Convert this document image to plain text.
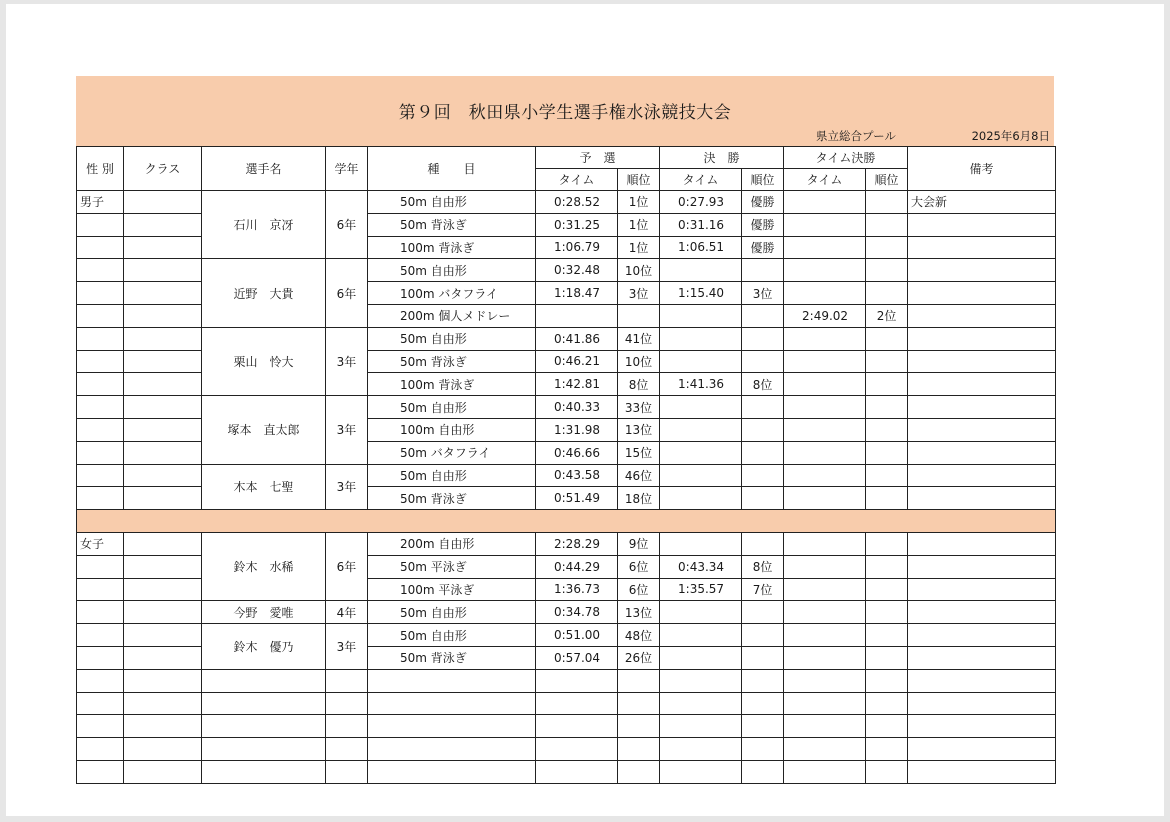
第９回　秋田県小学生選手権水泳競技大会
県立総合プール	2025年6月8日
性 別	クラス	選手名	学年	種　　目	予　選		決　勝		タイム決勝		備考
					タイム	順位	タイム	順位	タイム	順位	
男子		石川　京冴	6年	50m 自由形	0:28.52	1位	0:27.93	優勝			大会新
				50m 背泳ぎ	0:31.25	1位	0:31.16	優勝			
				100m 背泳ぎ	1:06.79	1位	1:06.51	優勝			
		近野　大貴	6年	50m 自由形	0:32.48	10位					
				100m バタフライ	1:18.47	3位	1:15.40	3位			
				200m 個人メドレー					2:49.02	2位	
		栗山　怜大	3年	50m 自由形	0:41.86	41位					
				50m 背泳ぎ	0:46.21	10位					
				100m 背泳ぎ	1:42.81	8位	1:41.36	8位			
		塚本　直太郎	3年	50m 自由形	0:40.33	33位					
				100m 自由形	1:31.98	13位					
				50m バタフライ	0:46.66	15位					
		木本　七聖	3年	50m 自由形	0:43.58	46位					
				50m 背泳ぎ	0:51.49	18位					

女子		鈴木　水稀	6年	200m 自由形	2:28.29	9位					
				50m 平泳ぎ	0:44.29	6位	0:43.34	8位			
				100m 平泳ぎ	1:36.73	6位	1:35.57	7位			
		今野　愛唯	4年	50m 自由形	0:34.78	13位					
		鈴木　優乃	3年	50m 自由形	0:51.00	48位					
				50m 背泳ぎ	0:57.04	26位					
